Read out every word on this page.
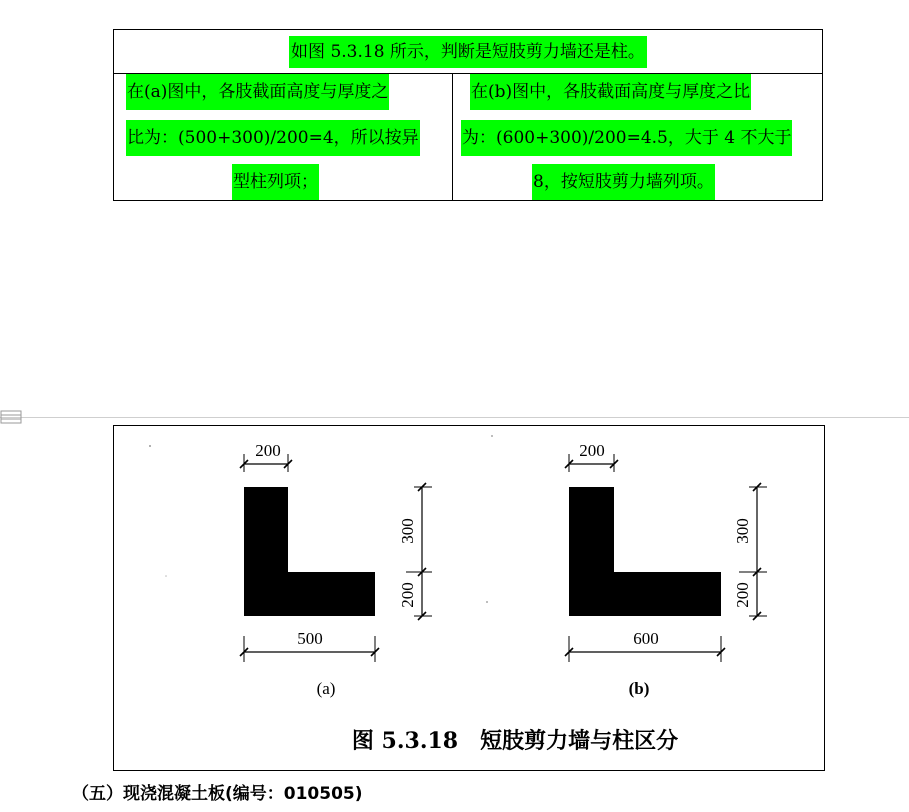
如图 5.3.18 所示，判断是短肢剪力墙还是柱。
在(a)图中，各肢截面高度与厚度之
比为：(500+300)/200=4，所以按异
型柱列项；
在(b)图中，各肢截面高度与厚度之比
为：(600+300)/200=4.5，大于 4 不大于
8，按短肢剪力墙列项。
200
500
300
200
(a)
200
600
300
200
(b)
图 5.3.18　短肢剪力墙与柱区分
（五）现浇混凝土板(编号：010505)
